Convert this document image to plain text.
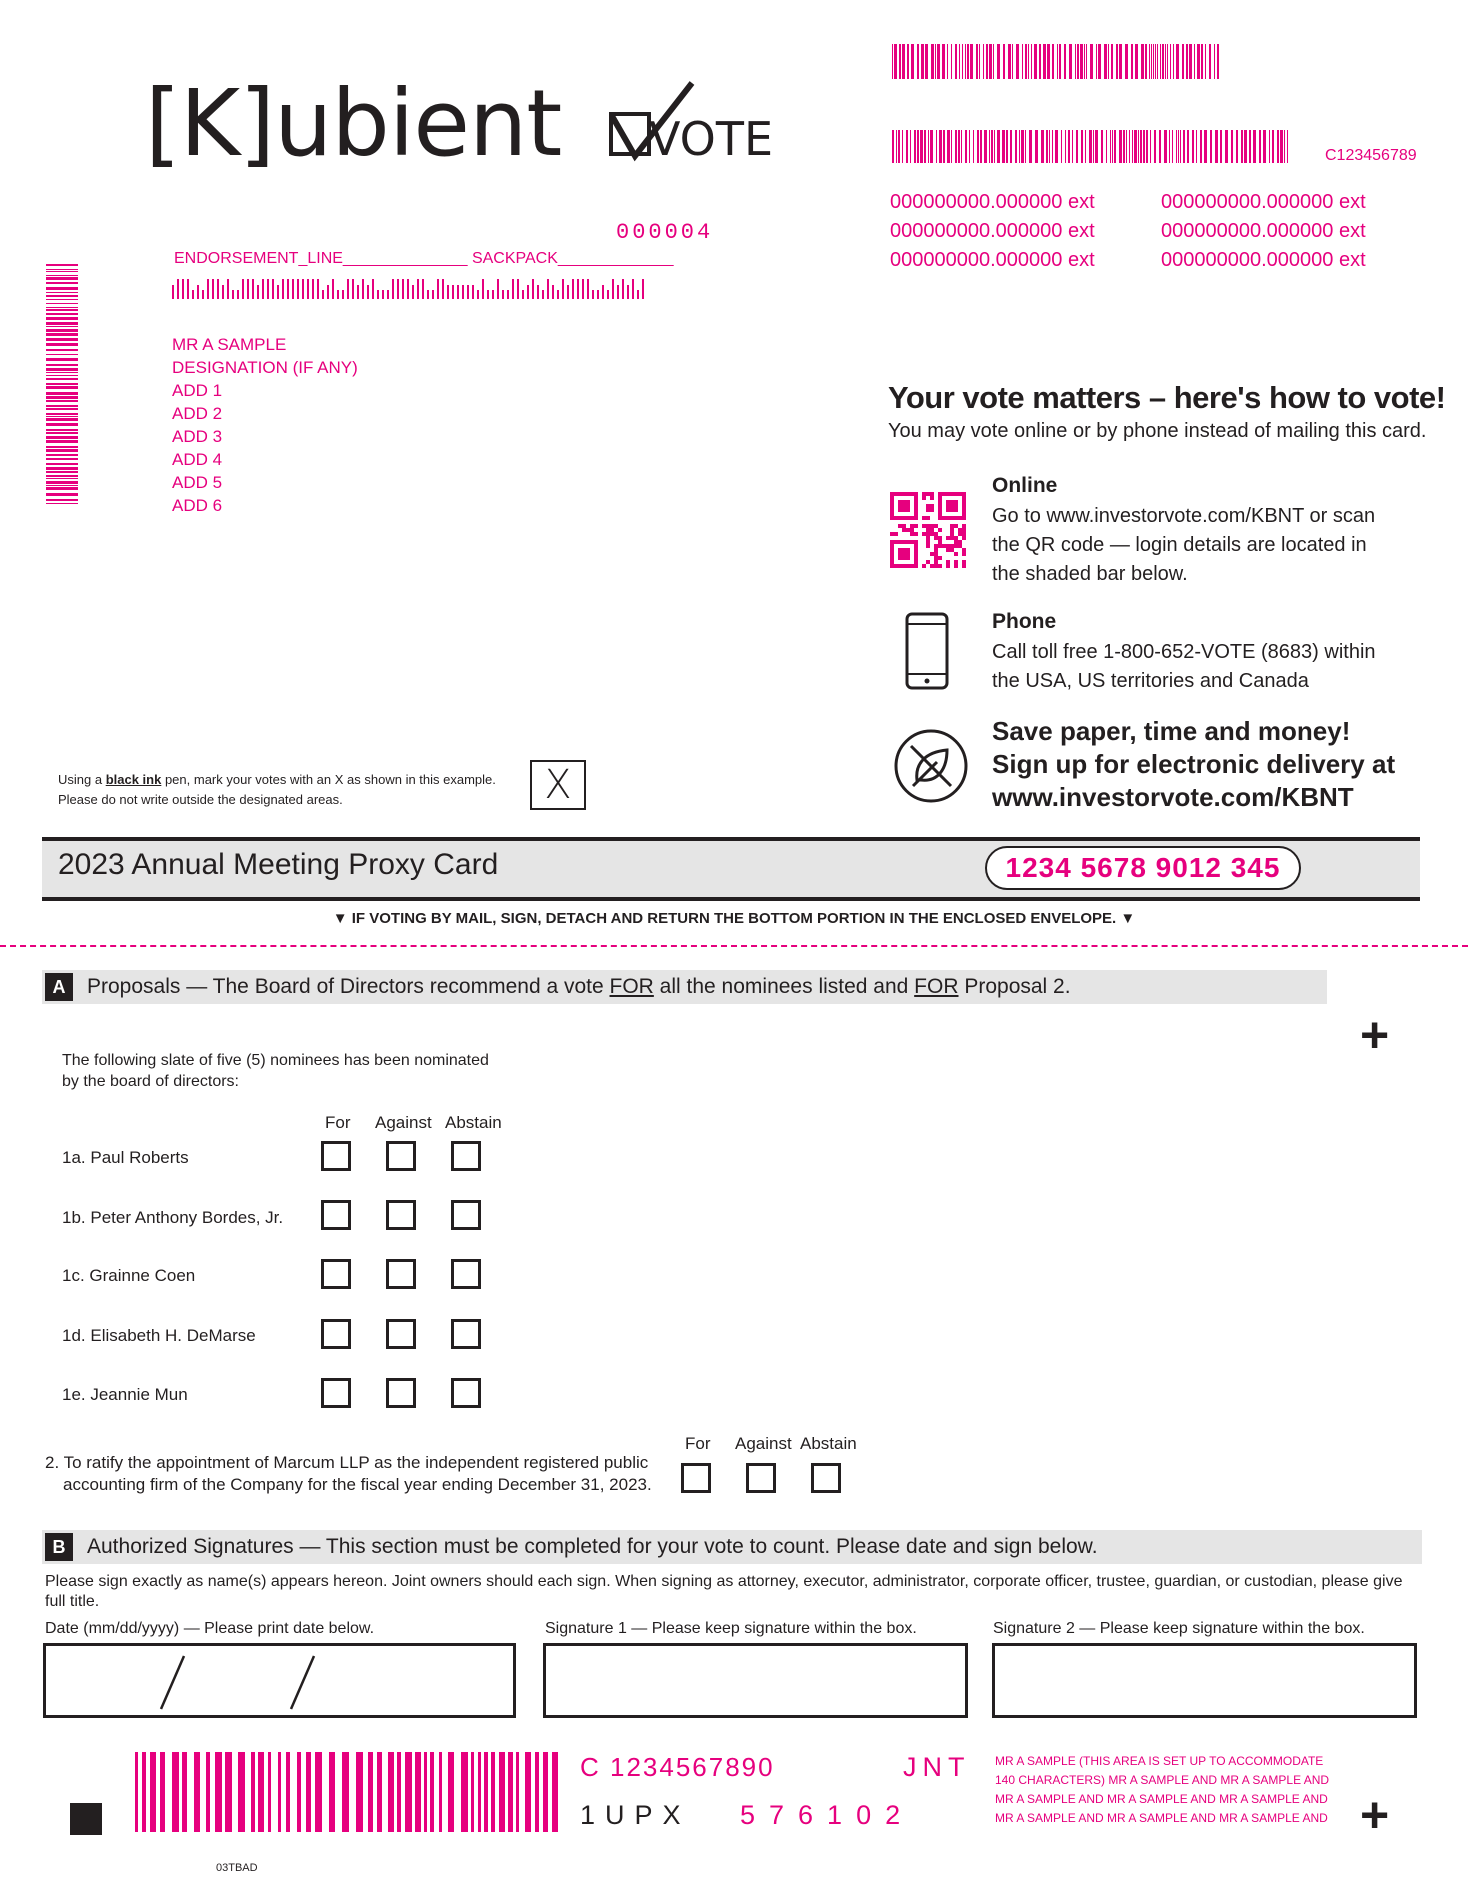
[K]ubient VOTE	C123456789
000000000.000000 ext
000000000.000000 ext
000000000.000000 ext
000000000.000000 ext
000000000.000000 ext
000000000.000000 ext
000004
ENDORSEMENT_LINE______________ SACKPACK_____________
MR A SAMPLE
DESIGNATION (IF ANY)
ADD 1
ADD 2
ADD 3
ADD 4
ADD 5
ADD 6
Your vote matters – here's how to vote!
You may vote online or by phone instead of mailing this card.
Online
Go to www.investorvote.com/KBNT or scan
the QR code — login details are located in
the shaded bar below.
Phone
Call toll free 1-800-652-VOTE (8683) within
the USA, US territories and Canada
Save paper, time and money!
Sign up for electronic delivery at
www.investorvote.com/KBNT
Using a black ink pen, mark your votes with an X as shown in this example.
Please do not write outside the designated areas.	X
2023 Annual Meeting Proxy Card	1234 5678 9012 345
▼ IF VOTING BY MAIL, SIGN, DETACH AND RETURN THE BOTTOM PORTION IN THE ENCLOSED ENVELOPE. ▼
A	Proposals — The Board of Directors recommend a vote FOR all the nominees listed and FOR Proposal 2.
+
The following slate of five (5) nominees has been nominated
by the board of directors:
For Against Abstain
1a. Paul Roberts
1b. Peter Anthony Bordes, Jr.
1c. Grainne Coen
1d. Elisabeth H. DeMarse
1e. Jeannie Mun
2. To ratify the appointment of Marcum LLP as the independent registered public
accounting firm of the Company for the fiscal year ending December 31, 2023.
For Against Abstain
B	Authorized Signatures — This section must be completed for your vote to count. Please date and sign below.
Please sign exactly as name(s) appears hereon. Joint owners should each sign. When signing as attorney, executor, administrator, corporate officer, trustee, guardian, or custodian, please give full title.
Date (mm/dd/yyyy) — Please print date below.	Signature 1 — Please keep signature within the box.	Signature 2 — Please keep signature within the box.
C 1234567890	JNT
1UPX 576102
MR A SAMPLE (THIS AREA IS SET UP TO ACCOMMODATE 140 CHARACTERS) MR A SAMPLE AND MR A SAMPLE AND MR A SAMPLE AND MR A SAMPLE AND MR A SAMPLE AND MR A SAMPLE AND MR A SAMPLE AND MR A SAMPLE AND +
03TBAD
